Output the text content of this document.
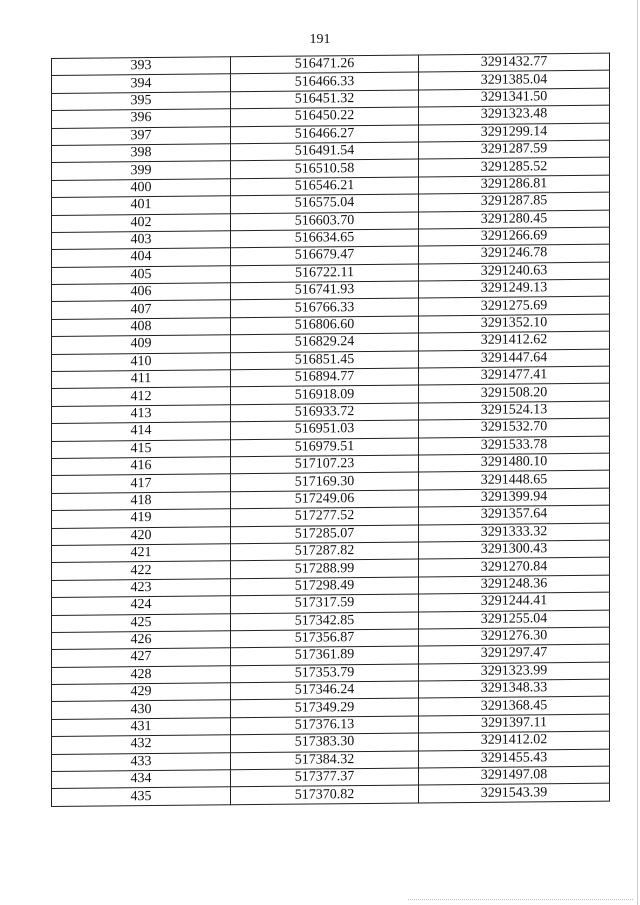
191
393	516471.26	3291432.77
394	516466.33	3291385.04
395	516451.32	3291341.50
396	516450.22	3291323.48
397	516466.27	3291299.14
398	516491.54	3291287.59
399	516510.58	3291285.52
400	516546.21	3291286.81
401	516575.04	3291287.85
402	516603.70	3291280.45
403	516634.65	3291266.69
404	516679.47	3291246.78
405	516722.11	3291240.63
406	516741.93	3291249.13
407	516766.33	3291275.69
408	516806.60	3291352.10
409	516829.24	3291412.62
410	516851.45	3291447.64
411	516894.77	3291477.41
412	516918.09	3291508.20
413	516933.72	3291524.13
414	516951.03	3291532.70
415	516979.51	3291533.78
416	517107.23	3291480.10
417	517169.30	3291448.65
418	517249.06	3291399.94
419	517277.52	3291357.64
420	517285.07	3291333.32
421	517287.82	3291300.43
422	517288.99	3291270.84
423	517298.49	3291248.36
424	517317.59	3291244.41
425	517342.85	3291255.04
426	517356.87	3291276.30
427	517361.89	3291297.47
428	517353.79	3291323.99
429	517346.24	3291348.33
430	517349.29	3291368.45
431	517376.13	3291397.11
432	517383.30	3291412.02
433	517384.32	3291455.43
434	517377.37	3291497.08
435	517370.82	3291543.39
